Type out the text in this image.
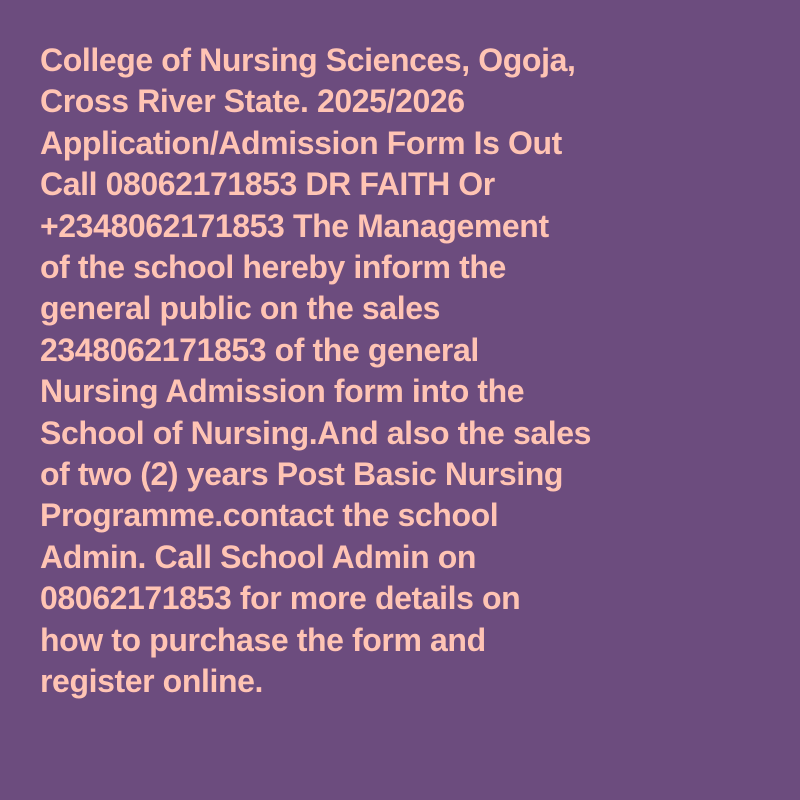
College of Nursing Sciences, Ogoja,
Cross River State. 2025/2026
Application/Admission Form Is Out
Call 08062171853 DR FAITH Or
+2348062171853 The Management
of the school hereby inform the
general public on the sales
2348062171853 of the general
Nursing Admission form into the
School of Nursing.And also the sales
of two (2) years Post Basic Nursing
Programme.contact the school
Admin. Call School Admin on
08062171853 for more details on
how to purchase the form and
register online.
